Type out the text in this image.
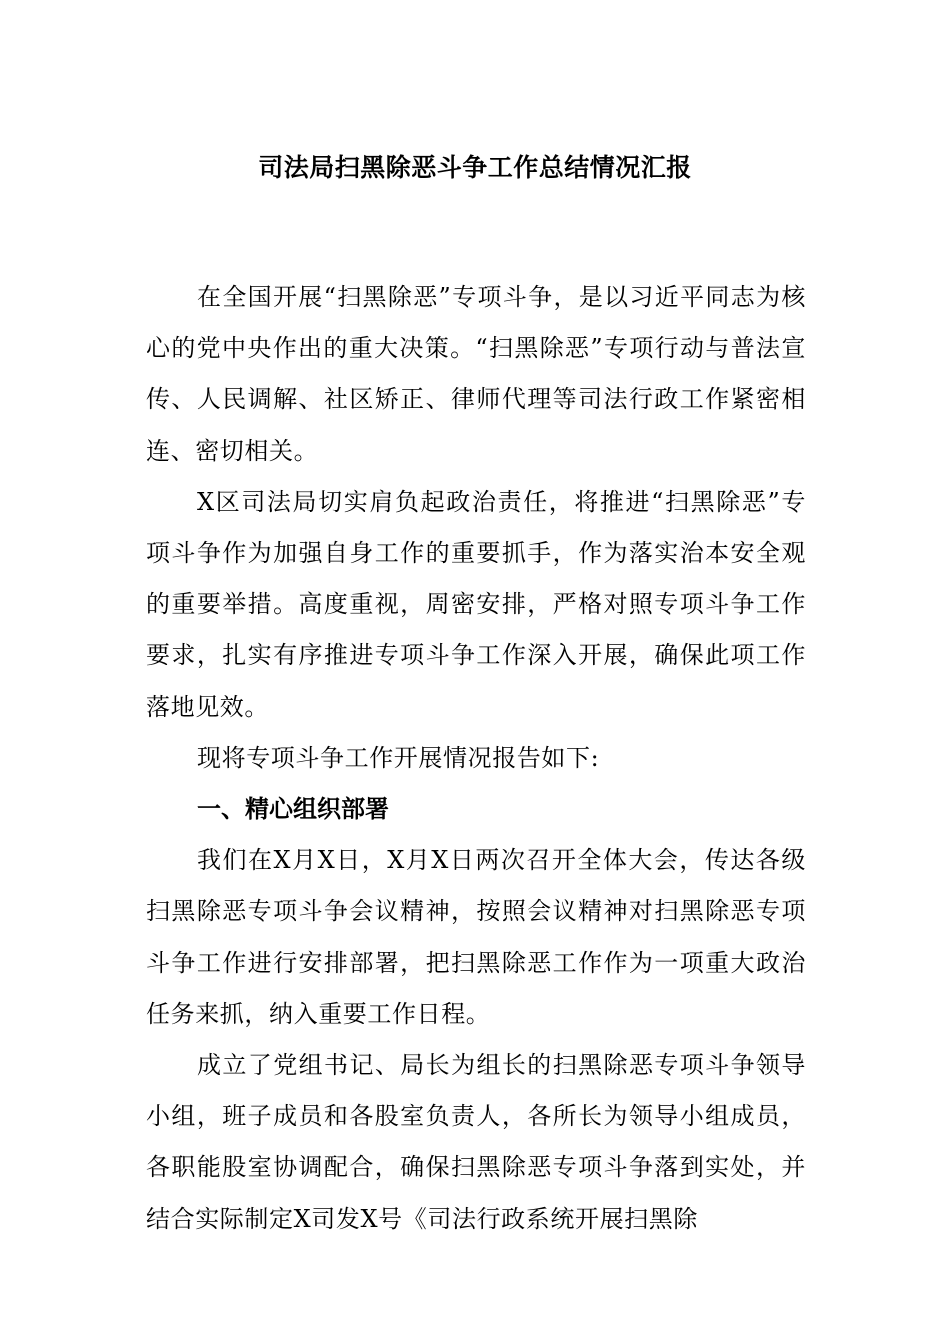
司法局扫黑除恶斗争工作总结情况汇报

在全国开展“扫黑除恶”专项斗争，是以习近平同志为核心的党中央作出的重大决策。“扫黑除恶”专项行动与普法宣传、人民调解、社区矫正、律师代理等司法行政工作紧密相连、密切相关。

X区司法局切实肩负起政治责任，将推进“扫黑除恶”专项斗争作为加强自身工作的重要抓手，作为落实治本安全观的重要举措。高度重视，周密安排，严格对照专项斗争工作要求，扎实有序推进专项斗争工作深入开展，确保此项工作落地见效。

现将专项斗争工作开展情况报告如下:

一、精心组织部署

我们在X月X日，X月X日两次召开全体大会，传达各级扫黑除恶专项斗争会议精神，按照会议精神对扫黑除恶专项斗争工作进行安排部署，把扫黑除恶工作作为一项重大政治任务来抓，纳入重要工作日程。

成立了党组书记、局长为组长的扫黑除恶专项斗争领导小组，班子成员和各股室负责人，各所长为领导小组成员，各职能股室协调配合，确保扫黑除恶专项斗争落到实处，并结合实际制定X司发X号《司法行政系统开展扫黑除
